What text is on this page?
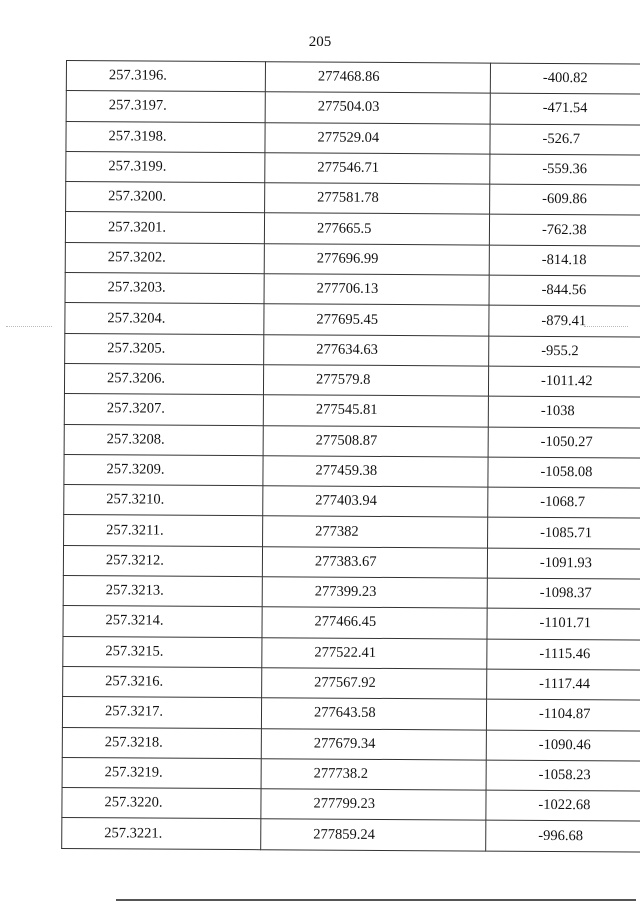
205
257.3196.	277468.86	-400.82
257.3197.	277504.03	-471.54
257.3198.	277529.04	-526.7
257.3199.	277546.71	-559.36
257.3200.	277581.78	-609.86
257.3201.	277665.5	-762.38
257.3202.	277696.99	-814.18
257.3203.	277706.13	-844.56
257.3204.	277695.45	-879.41
257.3205.	277634.63	-955.2
257.3206.	277579.8	-1011.42
257.3207.	277545.81	-1038
257.3208.	277508.87	-1050.27
257.3209.	277459.38	-1058.08
257.3210.	277403.94	-1068.7
257.3211.	277382	-1085.71
257.3212.	277383.67	-1091.93
257.3213.	277399.23	-1098.37
257.3214.	277466.45	-1101.71
257.3215.	277522.41	-1115.46
257.3216.	277567.92	-1117.44
257.3217.	277643.58	-1104.87
257.3218.	277679.34	-1090.46
257.3219.	277738.2	-1058.23
257.3220.	277799.23	-1022.68
257.3221.	277859.24	-996.68
